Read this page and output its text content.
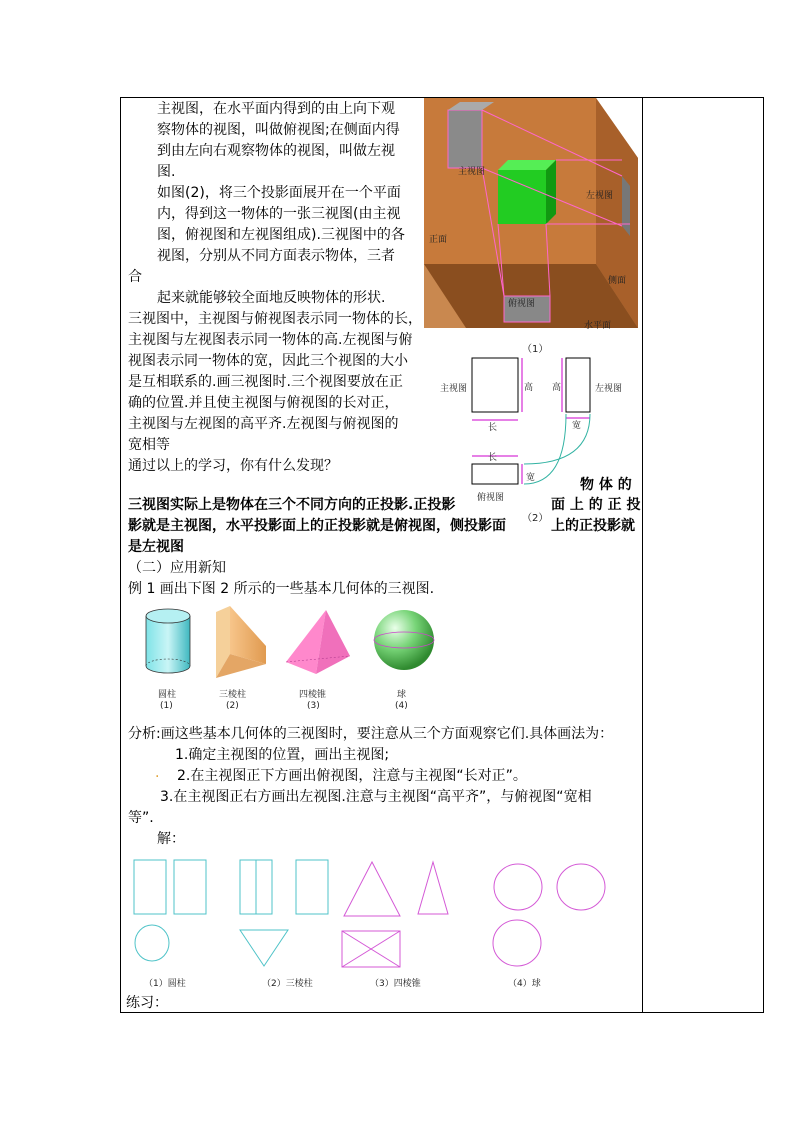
主视图，在水平面内得到的由上向下观
察物体的视图，叫做俯视图;在侧面内得
到由左向右观察物体的视图，叫做左视
图.
如图(2)，将三个投影面展开在一个平面
内，得到这一物体的一张三视图(由主视
图，俯视图和左视图组成).三视图中的各
视图，分别从不同方面表示物体，三者
合
起来就能够较全面地反映物体的形状.
三视图中，主视图与俯视图表示同一物体的长，
主视图与左视图表示同一物体的高.左视图与俯
视图表示同一物体的宽，因此三个视图的大小
是互相联系的.画三视图时.三个视图要放在正
确的位置.并且使主视图与俯视图的长对正，
主视图与左视图的高平齐.左视图与俯视图的
宽相等
通过以上的学习，你有什么发现？
物 体 的
三视图实际上是物体在三个不同方向的正投影.正投影	面 上 的 正 投
影就是主视图，水平投影面上的正投影就是俯视图，侧投影面	上的正投影就
是左视图
（二）应用新知
例 1 画出下图 2 所示的一些基本几何体的三视图.
主视图
左视图
正面
侧面
俯视图
水平面
（1）
主视图	高 高	左视图
长	宽
长
宽
俯视图
（2）
圆柱
(1)
三棱柱
(2)
四棱锥
(3)
球
(4)
分析:画这些基本几何体的三视图时，要注意从三个方面观察它们.具体画法为：
1.确定主视图的位置，画出主视图;
. 2.在主视图正下方画出俯视图，注意与主视图“长对正”。
3.在主视图正右方画出左视图.注意与主视图“高平齐”，与俯视图“宽相
等”.
解：
（1）圆柱	（2）三棱柱	（3）四棱锥	（4）球
练习：
